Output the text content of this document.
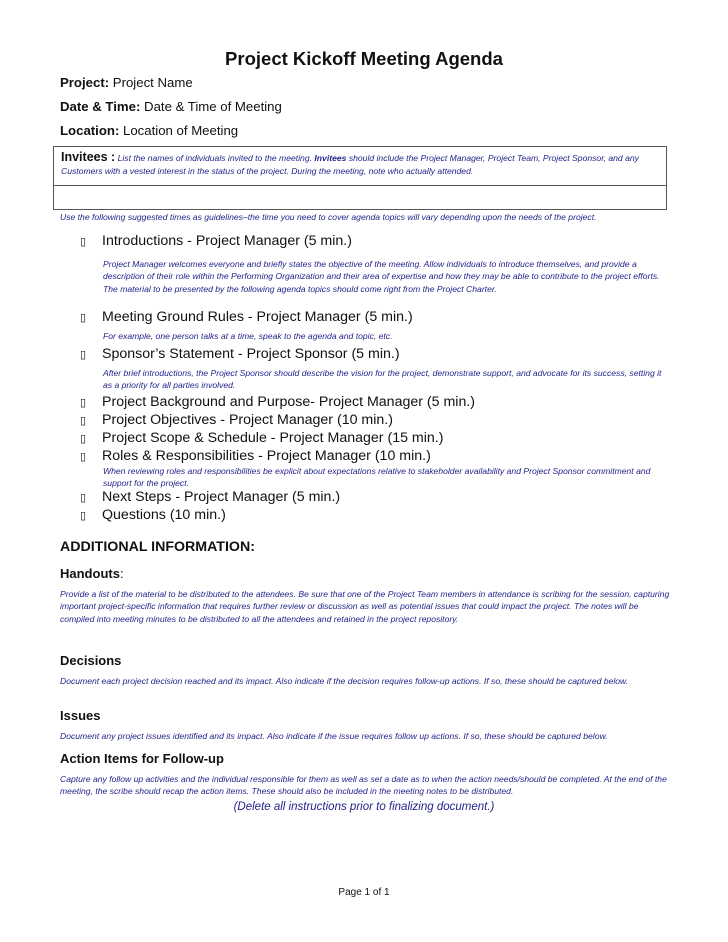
Project Kickoff Meeting Agenda
Project: Project Name
Date & Time: Date & Time of Meeting
Location: Location of Meeting
Invitees : List the names of individuals invited to the meeting. Invitees should include the Project Manager, Project Team, Project Sponsor, and any Customers with a vested interest in the status of the project. During the meeting, note who actually attended.
Use the following suggested times as guidelines–the time you need to cover agenda topics will vary depending upon the needs of the project.
▯ Introductions - Project Manager (5 min.)
Project Manager welcomes everyone and briefly states the objective of the meeting. Allow individuals to introduce themselves, and provide a description of their role within the Performing Organization and their area of expertise and how they may be able to contribute to the project efforts. The material to be presented by the following agenda topics should come right from the Project Charter.
▯ Meeting Ground Rules - Project Manager (5 min.)
For example, one person talks at a time, speak to the agenda and topic, etc.
▯ Sponsor’s Statement - Project Sponsor (5 min.)
After brief introductions, the Project Sponsor should describe the vision for the project, demonstrate support, and advocate for its success, setting it as a priority for all parties involved.
▯ Project Background and Purpose- Project Manager (5 min.)
▯ Project Objectives - Project Manager (10 min.)
▯ Project Scope & Schedule - Project Manager (15 min.)
▯ Roles & Responsibilities - Project Manager (10 min.)
When reviewing roles and responsibilities be explicit about expectations relative to stakeholder availability and Project Sponsor commitment and support for the project.
▯ Next Steps - Project Manager (5 min.)
▯ Questions (10 min.)
ADDITIONAL INFORMATION:
Handouts:
Provide a list of the material to be distributed to the attendees. Be sure that one of the Project Team members in attendance is scribing for the session, capturing important project-specific information that requires further review or discussion as well as potential issues that could impact the project. The notes will be compiled into meeting minutes to be distributed to all the attendees and retained in the project repository.
Decisions
Document each project decision reached and its impact. Also indicate if the decision requires follow-up actions. If so, these should be captured below.
Issues
Document any project issues identified and its impact. Also indicate if the issue requires follow up actions. If so, these should be captured below.
Action Items for Follow-up
Capture any follow up activities and the individual responsible for them as well as set a date as to when the action needs/should be completed. At the end of the meeting, the scribe should recap the action items. These should also be included in the meeting notes to be distributed.
(Delete all instructions prior to finalizing document.)
Page 1 of 1
